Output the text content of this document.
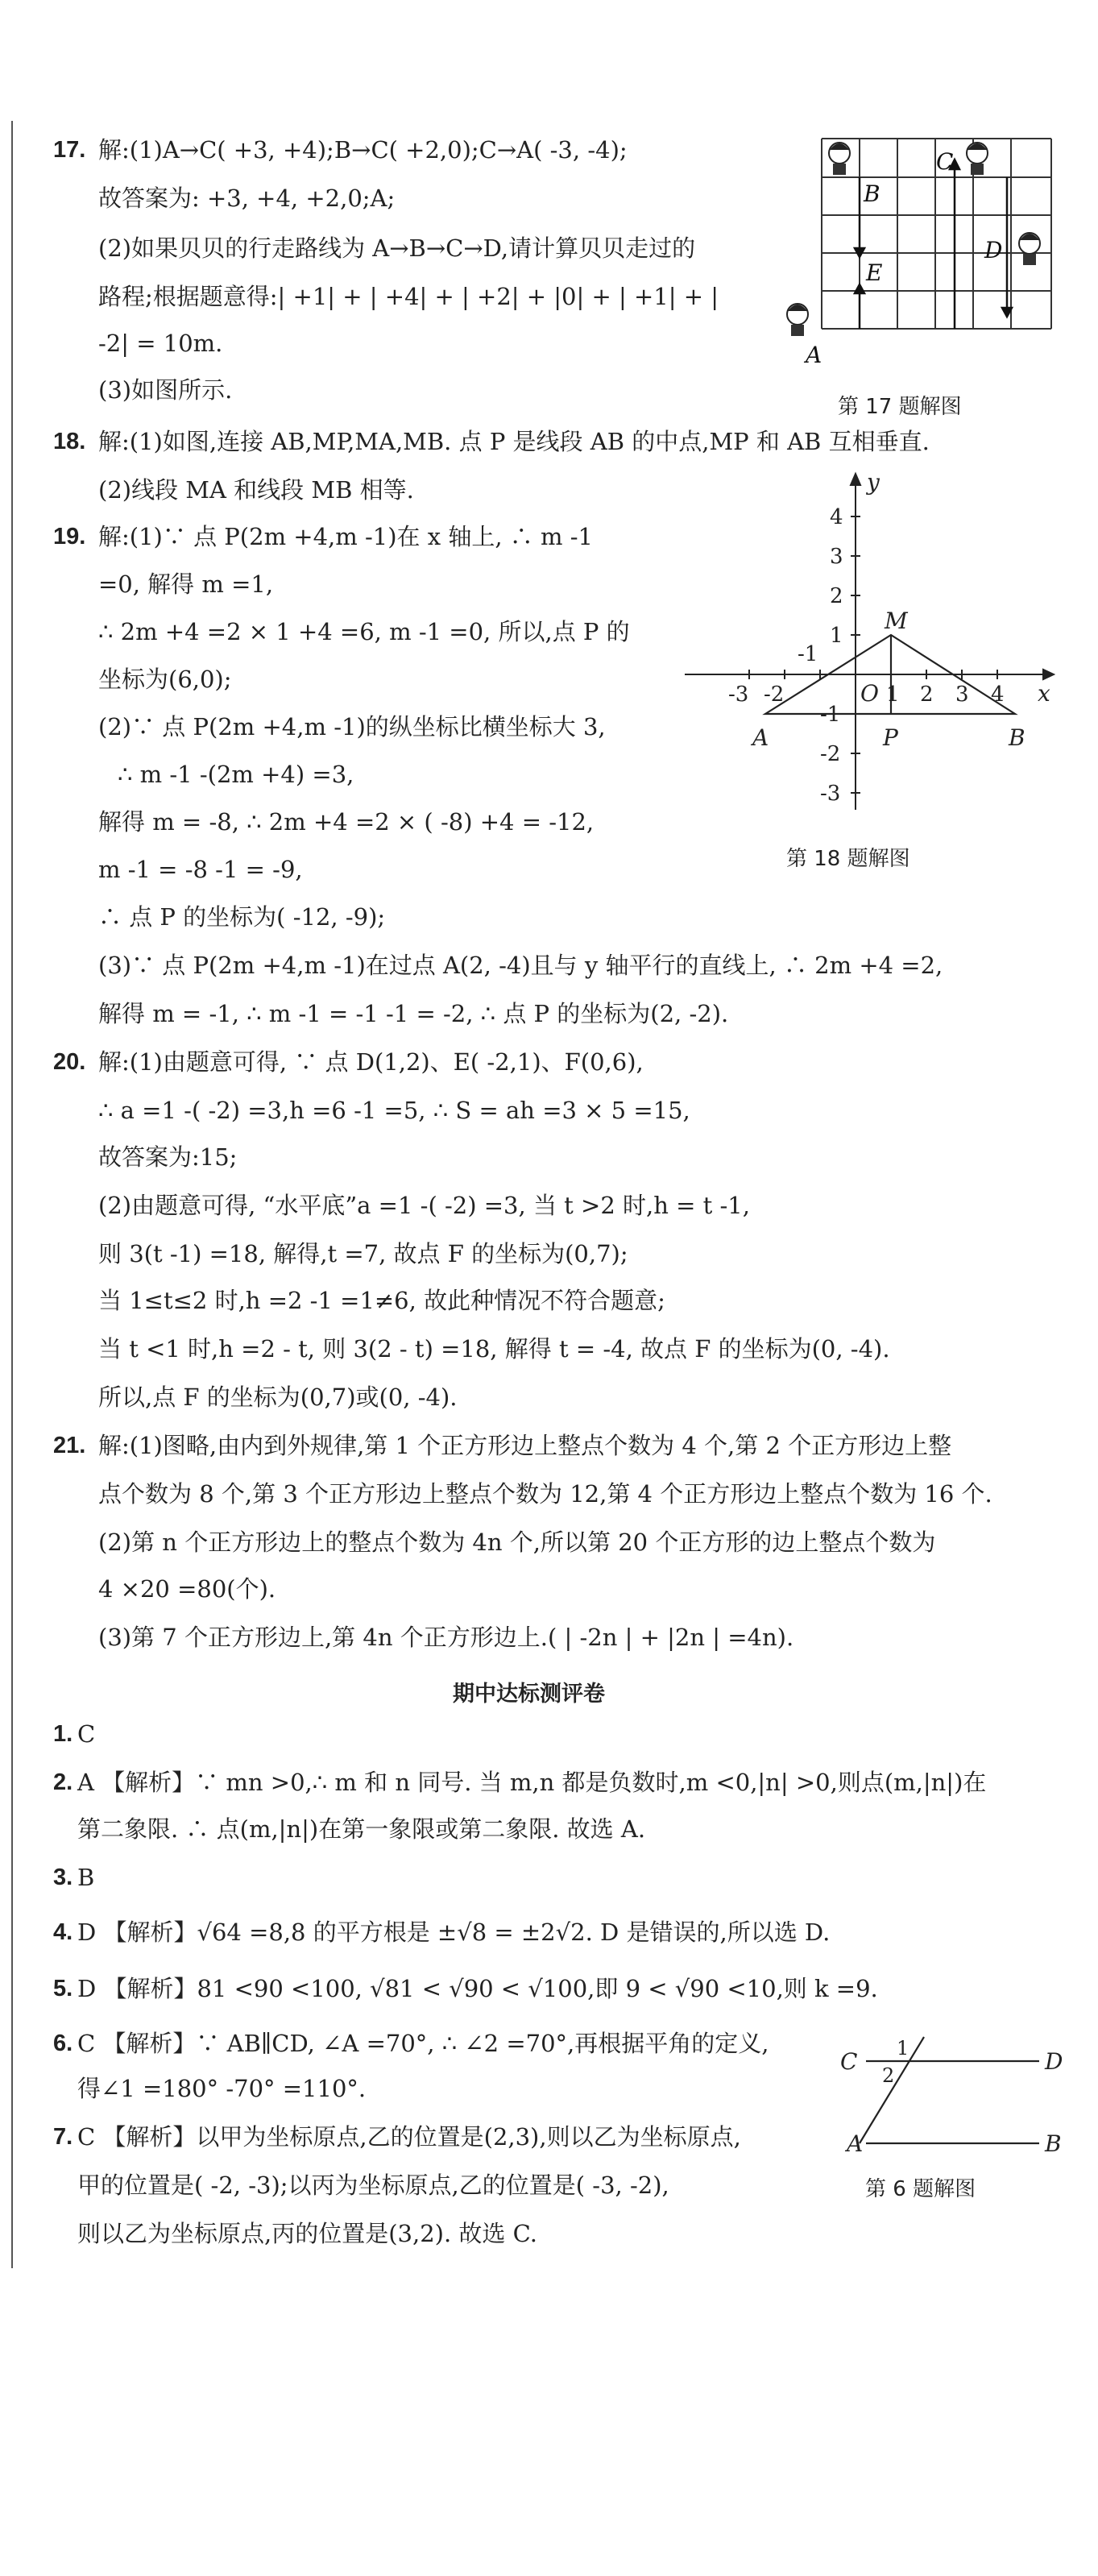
17. 解:(1)A→C( +3, +4);B→C( +2,0);C→A( -3, -4);
故答案为: +3, +4, +2,0;A;
(2)如果贝贝的行走路线为 A→B→C→D,请计算贝贝走过的
路程;根据题意得:| +1| + | +4| + | +2| + |0| + | +1| + |
-2| = 10m.
(3)如图所示.
A
B
C
D
E
第 17 题解图
18. 解:(1)如图,连接 AB,MP,MA,MB. 点 P 是线段 AB 的中点,MP 和 AB 互相垂直.
(2)线段 MA 和线段 MB 相等.
-3 -2
-1
1 2 3 4
4
3
2
1
-1
-2
-3
y
x
O
A	B
M
P
第 18 题解图
19. 解:(1)∵ 点 P(2m +4,m -1)在 x 轴上, ∴ m -1
=0, 解得 m =1,
∴ 2m +4 =2 × 1 +4 =6, m -1 =0, 所以,点 P 的
坐标为(6,0);
(2)∵ 点 P(2m +4,m -1)的纵坐标比横坐标大 3,
∴ m -1 -(2m +4) =3,
解得 m = -8, ∴ 2m +4 =2 × ( -8) +4 = -12,
m -1 = -8 -1 = -9,
∴ 点 P 的坐标为( -12, -9);
(3)∵ 点 P(2m +4,m -1)在过点 A(2, -4)且与 y 轴平行的直线上, ∴ 2m +4 =2,
解得 m = -1, ∴ m -1 = -1 -1 = -2, ∴ 点 P 的坐标为(2, -2).
20. 解:(1)由题意可得, ∵ 点 D(1,2)、E( -2,1)、F(0,6),
∴ a =1 -( -2) =3,h =6 -1 =5, ∴ S = ah =3 × 5 =15,
故答案为:15;
(2)由题意可得, “水平底”a =1 -( -2) =3, 当 t >2 时,h = t -1,
则 3(t -1) =18, 解得,t =7, 故点 F 的坐标为(0,7);
当 1≤t≤2 时,h =2 -1 =1≠6, 故此种情况不符合题意;
当 t <1 时,h =2 - t, 则 3(2 - t) =18, 解得 t = -4, 故点 F 的坐标为(0, -4).
所以,点 F 的坐标为(0,7)或(0, -4).
21. 解:(1)图略,由内到外规律,第 1 个正方形边上整点个数为 4 个,第 2 个正方形边上整
点个数为 8 个,第 3 个正方形边上整点个数为 12,第 4 个正方形边上整点个数为 16 个.
(2)第 n 个正方形边上的整点个数为 4n 个,所以第 20 个正方形的边上整点个数为
4 ×20 =80(个).
(3)第 7 个正方形边上,第 4n 个正方形边上.( | -2n | + |2n | =4n).
期中达标测评卷
1. C
2. A 【解析】∵ mn >0,∴ m 和 n 同号. 当 m,n 都是负数时,m <0,|n| >0,则点(m,|n|)在
第二象限. ∴ 点(m,|n|)在第一象限或第二象限. 故选 A.
3. B
4. D 【解析】√64 =8,8 的平方根是 ±√8 = ±2√2. D 是错误的,所以选 D.
5. D 【解析】81 <90 <100, √81 < √90 < √100,即 9 < √90 <10,则 k =9.
6. C 【解析】∵ AB∥CD, ∠A =70°, ∴ ∠2 =70°,再根据平角的定义,
得∠1 =180° -70° =110°.
7. C 【解析】以甲为坐标原点,乙的位置是(2,3),则以乙为坐标原点,
甲的位置是( -2, -3);以丙为坐标原点,乙的位置是( -3, -2),
则以乙为坐标原点,丙的位置是(3,2). 故选 C.
C	D
A	B
1
2
第 6 题解图
